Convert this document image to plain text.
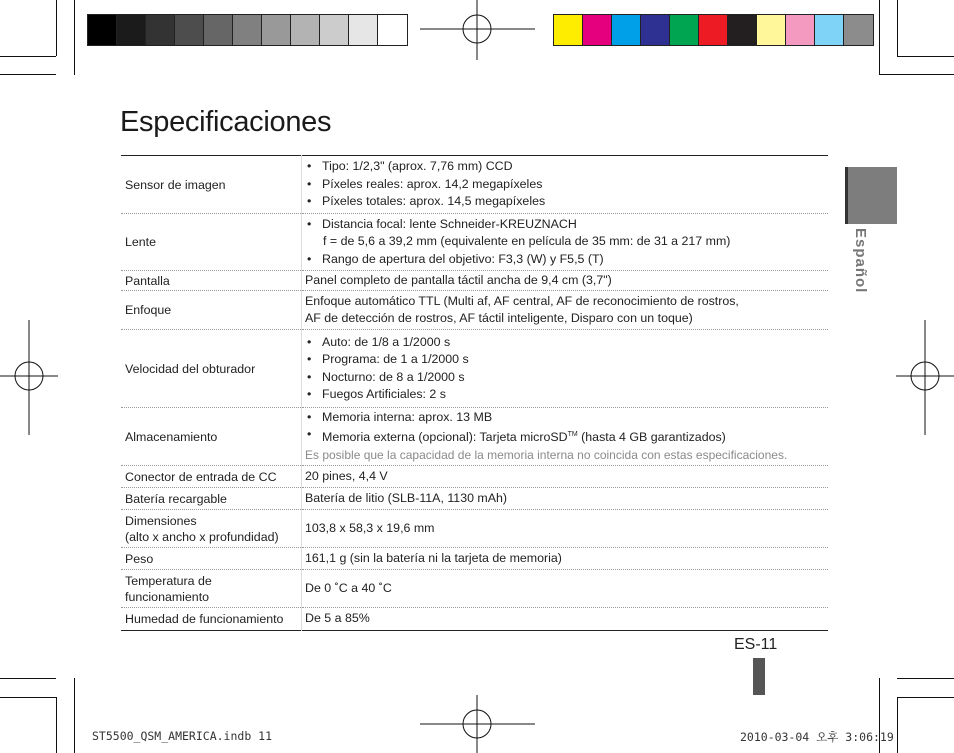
Especificaciones
Sensor de imagen	• Tipo: 1/2,3" (aprox. 7,76 mm) CCD
• Píxeles reales: aprox. 14,2 megapíxeles
• Píxeles totales: aprox. 14,5 megapíxeles

Lente	• Distancia focal: lente Schneider-KREUZNACH
f = de 5,6 a 39,2 mm (equivalente en película de 35 mm: de 31 a 217 mm)
• Rango de apertura del objetivo: F3,3 (W) y F5,5 (T)

Pantalla	Panel completo de pantalla táctil ancha de 9,4 cm (3,7")
Enfoque	Enfoque automático TTL (Multi af, AF central, AF de reconocimiento de rostros,
AF de detección de rostros, AF táctil inteligente, Disparo con un toque)

Velocidad del obturador	• Auto: de 1/8 a 1/2000 s
• Programa: de 1 a 1/2000 s
• Nocturno: de 8 a 1/2000 s
• Fuegos Artificiales: 2 s

Almacenamiento	• Memoria interna: aprox. 13 MB
• Memoria externa (opcional): Tarjeta microSD™ (hasta 4 GB garantizados)
Es posible que la capacidad de la memoria interna no coincida con estas especificaciones.

Conector de entrada de CC	20 pines, 4,4 V
Batería recargable	Batería de litio (SLB-11A, 1130 mAh)

Dimensiones
(alto x ancho x profundidad)	103,8 x 58,3 x 19,6 mm
Peso	161,1 g (sin la batería ni la tarjeta de memoria)

Temperatura de
funcionamiento	De 0 ˚C a 40 ˚C
Humedad de funcionamiento	De 5 a 85%
Español
ES-11
ST5500_QSM_AMERICA.indb 11	2010-03-04 오후 3:06:19
